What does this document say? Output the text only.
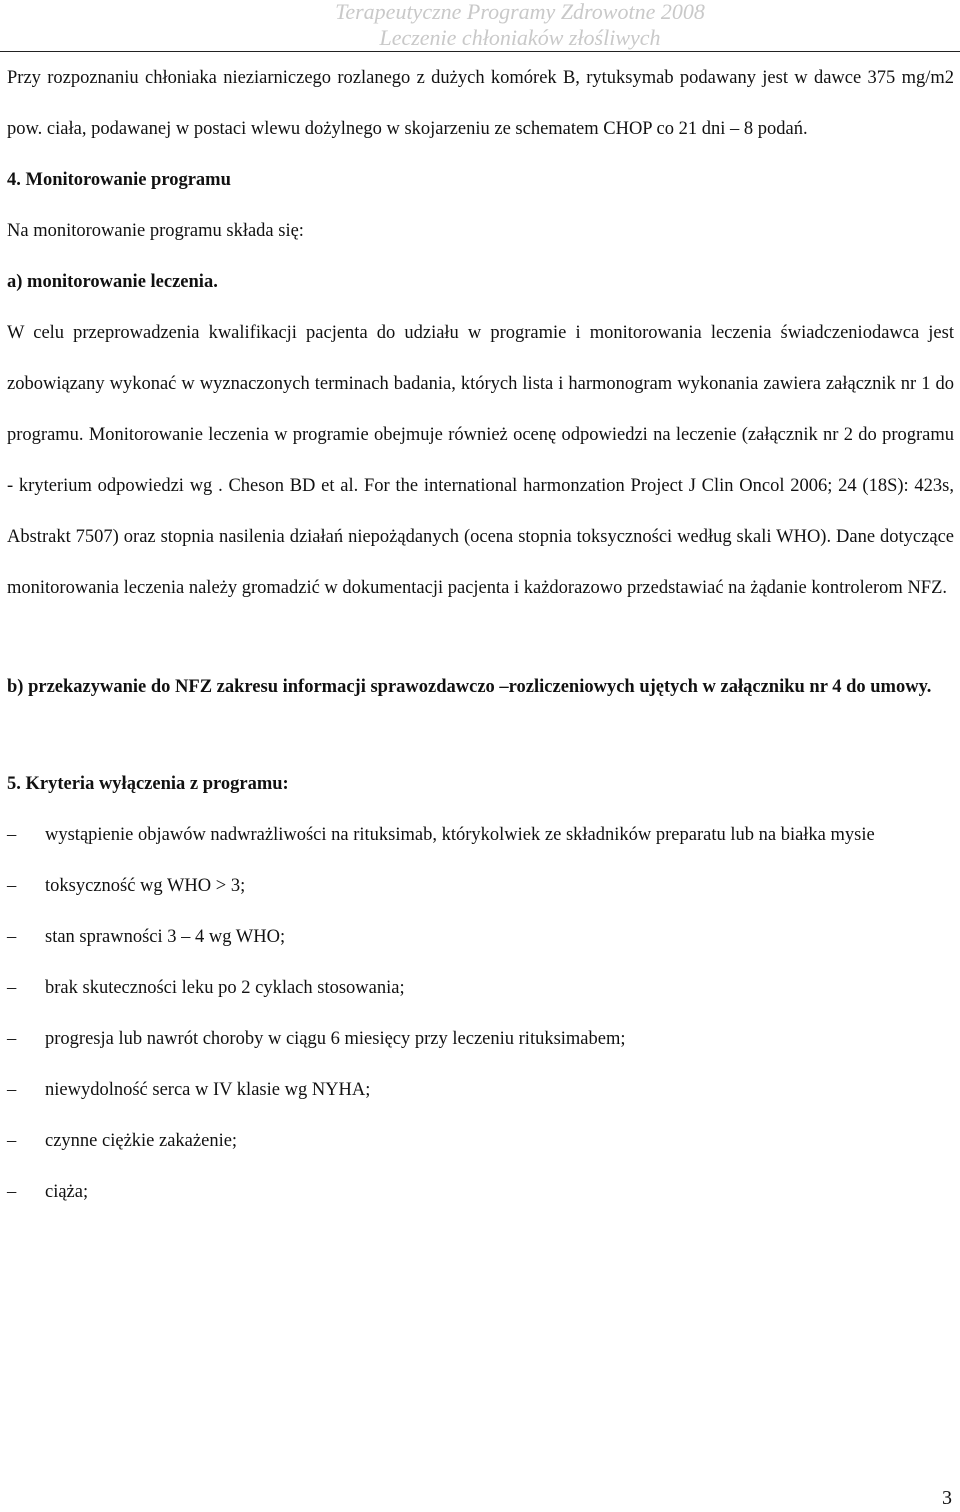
Terapeutyczne Programy Zdrowotne 2008
Leczenie chłoniaków złośliwych

Przy rozpoznaniu chłoniaka nieziarniczego rozlanego z dużych komórek B, rytuksymab podawany jest w dawce 375 mg/m2 pow. ciała, podawanej w postaci wlewu dożylnego w skojarzeniu ze schematem CHOP co 21 dni – 8 podań.

4. Monitorowanie programu

Na monitorowanie programu składa się:

a) monitorowanie leczenia.

W celu przeprowadzenia kwalifikacji pacjenta do udziału w programie i monitorowania leczenia świadczeniodawca jest zobowiązany wykonać w wyznaczonych terminach badania, których lista i harmonogram wykonania zawiera załącznik nr 1 do programu. Monitorowanie leczenia w programie obejmuje również ocenę odpowiedzi na leczenie (załącznik nr 2 do programu - kryterium odpowiedzi wg . Cheson BD et al. For the international harmonzation Project J Clin Oncol 2006; 24 (18S): 423s, Abstrakt 7507) oraz stopnia nasilenia działań niepożądanych (ocena stopnia toksyczności według skali WHO). Dane dotyczące monitorowania leczenia należy gromadzić w dokumentacji pacjenta i każdorazowo przedstawiać na żądanie kontrolerom NFZ.

b) przekazywanie do NFZ zakresu informacji sprawozdawczo –rozliczeniowych ujętych w załączniku nr 4 do umowy.

5. Kryteria wyłączenia z programu:

– wystąpienie objawów nadwrażliwości na rituksimab, którykolwiek ze składników preparatu lub na białka mysie
– toksyczność wg WHO > 3;
– stan sprawności 3 – 4 wg WHO;
– brak skuteczności leku po 2 cyklach stosowania;
– progresja lub nawrót choroby w ciągu 6 miesięcy przy leczeniu rituksimabem;
– niewydolność serca w IV klasie wg NYHA;
– czynne ciężkie zakażenie;
– ciąża;
3
